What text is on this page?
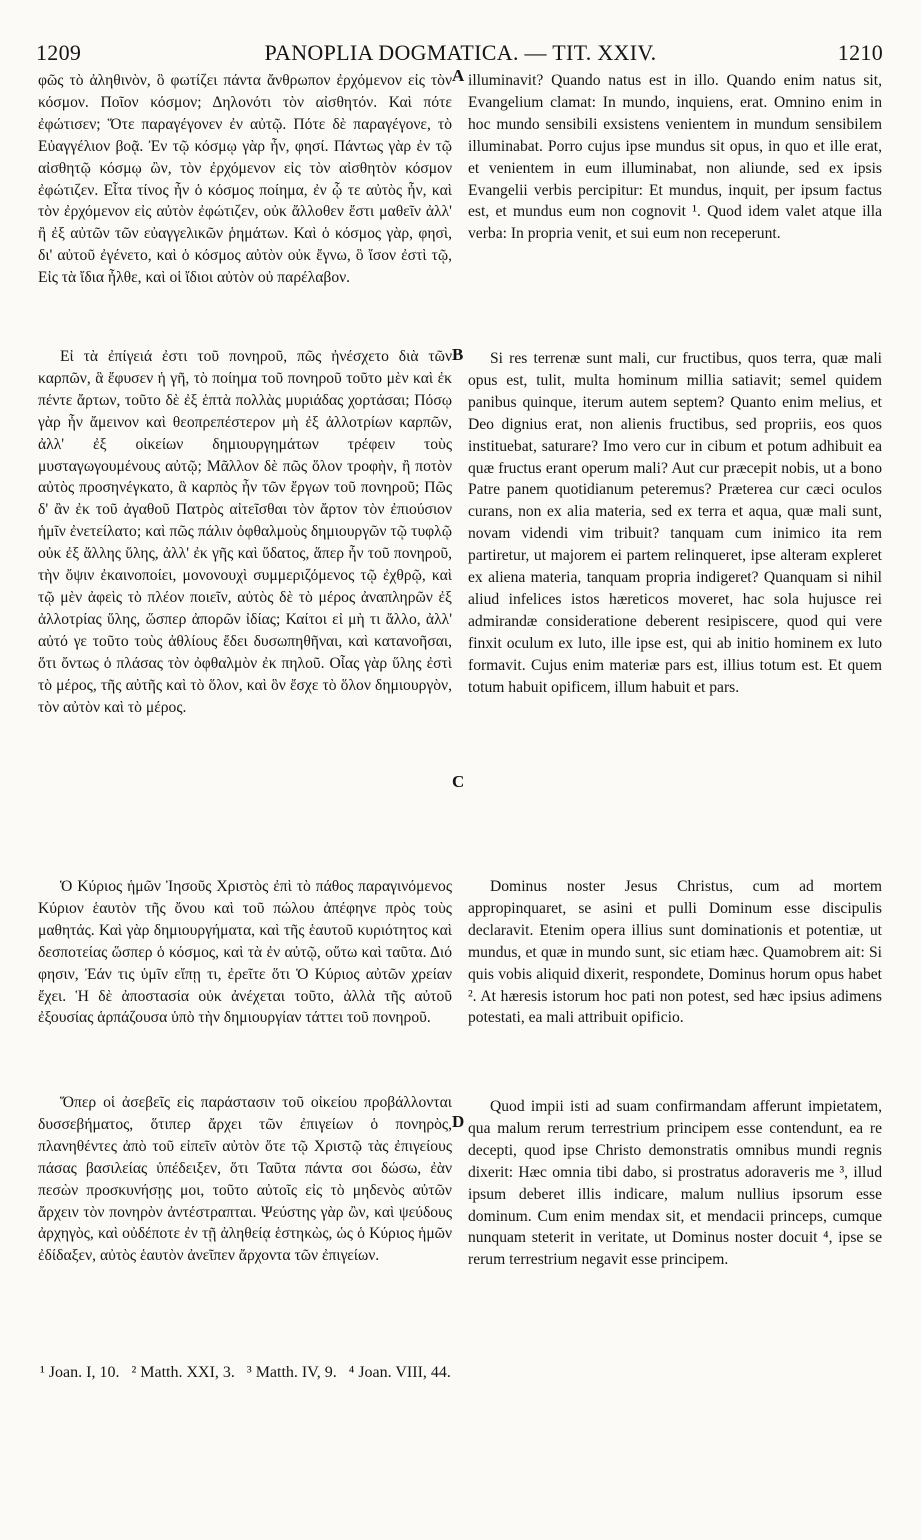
1209	PANOPLIA DOGMATICA. — TIT. XXIV.	1210

φῶς τὸ ἀληθινὸν, ὃ φωτίζει πάντα ἄνθρωπον ἐρχόμενον εἰς τὸν κόσμον. Ποῖον κόσμον; Δηλονότι τὸν αἰσθητόν. Καὶ πότε ἐφώτισεν; Ὅτε παραγέγονεν ἐν αὐτῷ. Πότε δὲ παραγέγονε, τὸ Εὐαγγέλιον βοᾷ. Ἐν τῷ κόσμῳ γὰρ ἦν, φησί. Πάντως γὰρ ἐν τῷ αἰσθητῷ κόσμῳ ὢν, τὸν ἐρχόμενον εἰς τὸν αἰσθητὸν κόσμον ἐφώτιζεν. Εἶτα τίνος ἦν ὁ κόσμος ποίημα, ἐν ᾧ τε αὐτὸς ἦν, καὶ τὸν ἐρχόμενον εἰς αὐτὸν ἐφώτιζεν, οὐκ ἄλλοθεν ἔστι μαθεῖν ἀλλ' ἢ ἐξ αὐτῶν τῶν εὐαγγελικῶν ῥημάτων. Καὶ ὁ κόσμος γὰρ, φησὶ, δι' αὐτοῦ ἐγένετο, καὶ ὁ κόσμος αὐτὸν οὐκ ἔγνω, ὃ ἴσον ἐστὶ τῷ, Εἰς τὰ ἴδια ἦλθε, καὶ οἱ ἴδιοι αὐτὸν οὐ παρέλαβον.

Εἰ τὰ ἐπίγειά ἐστι τοῦ πονηροῦ, πῶς ἠνέσχετο διὰ τῶν καρπῶν, ἃ ἔφυσεν ἡ γῆ, τὸ ποίημα τοῦ πονηροῦ τοῦτο μὲν καὶ ἐκ πέντε ἄρτων, τοῦτο δὲ ἐξ ἑπτὰ πολλὰς μυριάδας χορτάσαι; Πόσῳ γὰρ ἦν ἄμεινον καὶ θεοπρεπέστερον μὴ ἐξ ἀλλοτρίων καρπῶν, ἀλλ' ἐξ οἰκείων δημιουργημάτων τρέφειν τοὺς μυσταγωγουμένους αὐτῷ; Μᾶλλον δὲ πῶς ὅλον τροφὴν, ἢ ποτὸν αὐτὸς προσηνέγκατο, ἃ καρπὸς ἦν τῶν ἔργων τοῦ πονηροῦ; Πῶς δ' ἂν ἐκ τοῦ ἀγαθοῦ Πατρὸς αἰτεῖσθαι τὸν ἄρτον τὸν ἐπιούσιον ἡμῖν ἐνετείλατο; καὶ πῶς πάλιν ὀφθαλμοὺς δημιουργῶν τῷ τυφλῷ οὐκ ἐξ ἄλλης ὕλης, ἀλλ' ἐκ γῆς καὶ ὕδατος, ἅπερ ἦν τοῦ πονηροῦ, τὴν ὄψιν ἐκαινοποίει, μονονουχὶ συμμεριζόμενος τῷ ἐχθρῷ, καὶ τῷ μὲν ἀφεὶς τὸ πλέον ποιεῖν, αὐτὸς δὲ τὸ μέρος ἀναπληρῶν ἐξ ἀλλοτρίας ὕλης, ὥσπερ ἀπορῶν ἰδίας; Καίτοι εἰ μὴ τι ἄλλο, ἀλλ' αὐτό γε τοῦτο τοὺς ἀθλίους ἔδει δυσωπηθῆναι, καὶ κατανοῆσαι, ὅτι ὄντως ὁ πλάσας τὸν ὀφθαλμὸν ἐκ πηλοῦ. Οἷας γὰρ ὕλης ἐστὶ τὸ μέρος, τῆς αὐτῆς καὶ τὸ ὅλον, καὶ ὃν ἔσχε τὸ ὅλον δημιουργὸν, τὸν αὐτὸν καὶ τὸ μέρος.

Ὁ Κύριος ἡμῶν Ἰησοῦς Χριστὸς ἐπὶ τὸ πάθος παραγινόμενος Κύριον ἑαυτὸν τῆς ὄνου καὶ τοῦ πώλου ἀπέφηνε πρὸς τοὺς μαθητάς. Καὶ γὰρ δημιουργήματα, καὶ τῆς ἑαυτοῦ κυριότητος καὶ δεσποτείας ὥσπερ ὁ κόσμος, καὶ τὰ ἐν αὐτῷ, οὕτω καὶ ταῦτα. Διό φησιν, Ἐάν τις ὑμῖν εἴπῃ τι, ἐρεῖτε ὅτι Ὁ Κύριος αὐτῶν χρείαν ἔχει. Ἡ δὲ ἀποστασία οὐκ ἀνέχεται τοῦτο, ἀλλὰ τῆς αὐτοῦ ἐξουσίας ἁρπάζουσα ὑπὸ τὴν δημιουργίαν τάττει τοῦ πονηροῦ.

Ὅπερ οἱ ἀσεβεῖς εἰς παράστασιν τοῦ οἰκείου προβάλλονται δυσσεβήματος, ὅτιπερ ἄρχει τῶν ἐπιγείων ὁ πονηρὸς, πλανηθέντες ἀπὸ τοῦ εἰπεῖν αὐτὸν ὅτε τῷ Χριστῷ τὰς ἐπιγείους πάσας βασιλείας ὑπέδειξεν, ὅτι Ταῦτα πάντα σοι δώσω, ἐὰν πεσὼν προσκυνήσῃς μοι, τοῦτο αὐτοῖς εἰς τὸ μηδενὸς αὐτῶν ἄρχειν τὸν πονηρὸν ἀντέστραπται. Ψεύστης γὰρ ὢν, καὶ ψεύδους ἀρχηγὸς, καὶ οὐδέποτε ἐν τῇ ἀληθείᾳ ἑστηκὼς, ὡς ὁ Κύριος ἡμῶν ἐδίδαξεν, αὐτὸς ἑαυτὸν ἀνεῖπεν ἄρχοντα τῶν ἐπιγείων.

illuminavit? Quando natus est in illo. Quando enim natus sit, Evangelium clamat: In mundo, inquiens, erat. Omnino enim in hoc mundo sensibili exsistens venientem in mundum sensibilem illuminabat. Porro cujus ipse mundus sit opus, in quo et ille erat, et venientem in eum illuminabat, non aliunde, sed ex ipsis Evangelii verbis percipitur: Et mundus, inquit, per ipsum factus est, et mundus eum non cognovit ¹. Quod idem valet atque illa verba: In propria venit, et sui eum non receperunt.

Si res terrenæ sunt mali, cur fructibus, quos terra, quæ mali opus est, tulit, multa hominum millia satiavit; semel quidem panibus quinque, iterum autem septem? Quanto enim melius, et Deo dignius erat, non alienis fructibus, sed propriis, eos quos instituebat, saturare? Imo vero cur in cibum et potum adhibuit ea quæ fructus erant operum mali? Aut cur præcepit nobis, ut a bono Patre panem quotidianum peteremus? Præterea cur cæci oculos curans, non ex alia materia, sed ex terra et aqua, quæ mali sunt, novam videndi vim tribuit? tanquam cum inimico ita rem partiretur, ut majorem ei partem relinqueret, ipse alteram expleret ex aliena materia, tanquam propria indigeret? Quanquam si nihil aliud infelices istos hæreticos moveret, hac sola hujusce rei admirandæ consideratione deberent resipiscere, quod qui vere finxit oculum ex luto, ille ipse est, qui ab initio hominem ex luto formavit. Cujus enim materiæ pars est, illius totum est. Et quem totum habuit opificem, illum habuit et pars.

Dominus noster Jesus Christus, cum ad mortem appropinquaret, se asini et pulli Dominum esse discipulis declaravit. Etenim opera illius sunt dominationis et potentiæ, ut mundus, et quæ in mundo sunt, sic etiam hæc. Quamobrem ait: Si quis vobis aliquid dixerit, respondete, Dominus horum opus habet ². At hæresis istorum hoc pati non potest, sed hæc ipsius adimens potestati, ea mali attribuit opificio.

Quod impii isti ad suam confirmandam afferunt impietatem, qua malum rerum terrestrium principem esse contendunt, ea re decepti, quod ipse Christo demonstratis omnibus mundi regnis dixerit: Hæc omnia tibi dabo, si prostratus adoraveris me ³, illud ipsum deberet illis indicare, malum nullius ipsorum esse dominum. Cum enim mendax sit, et mendacii princeps, cumque nunquam steterit in veritate, ut Dominus noster docuit ⁴, ipse se rerum terrestrium negavit esse principem.

A
B
C
D
¹ Joan. I, 10.   ² Matth. XXI, 3.   ³ Matth. IV, 9.   ⁴ Joan. VIII, 44.
